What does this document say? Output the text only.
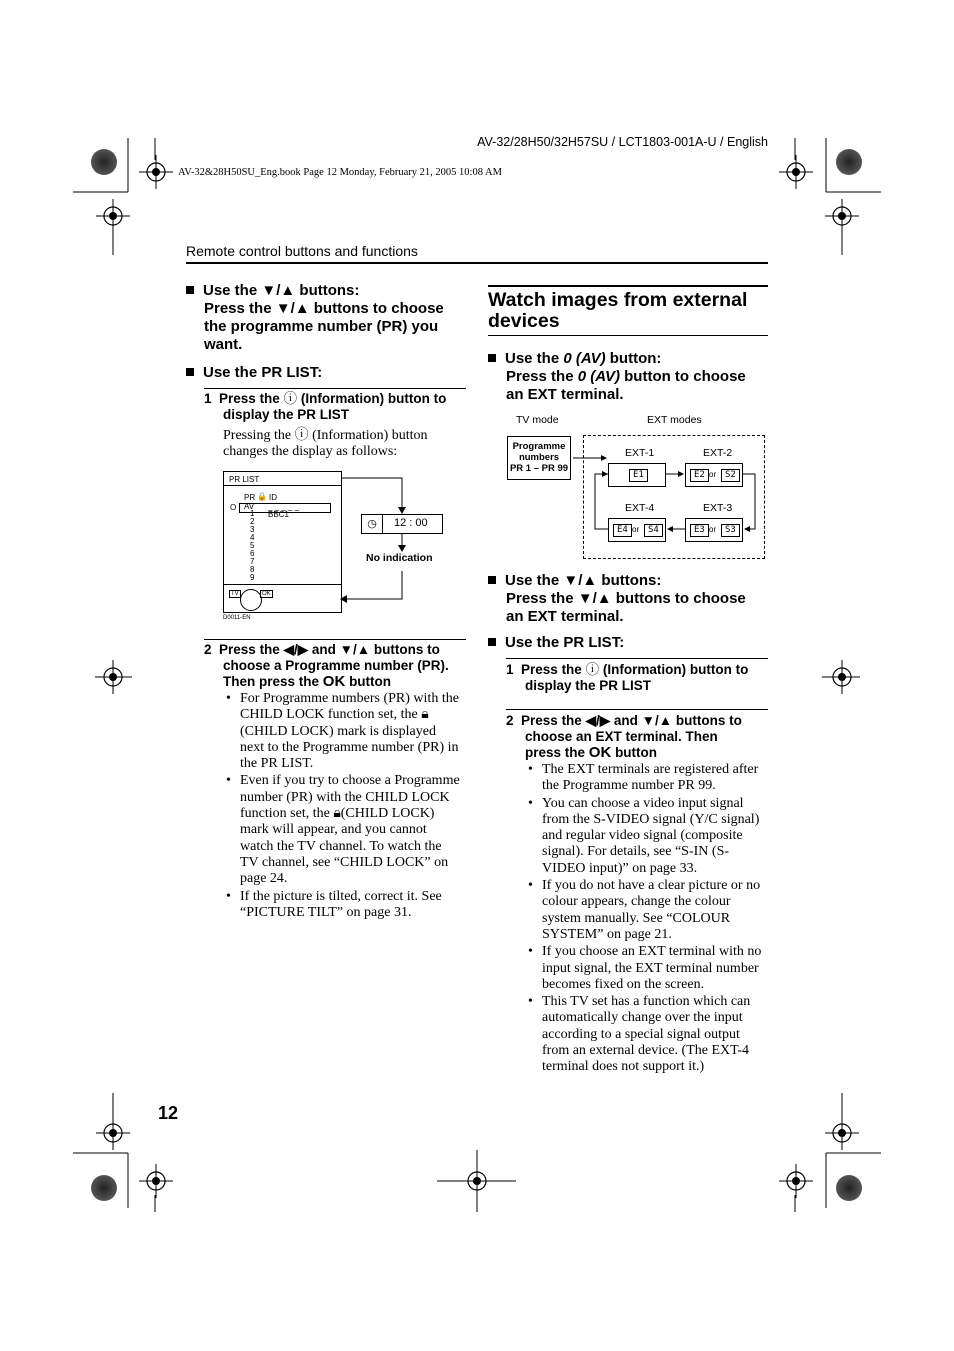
AV-32/28H50/32H57SU / LCT1803-001A-U / English
AV-32&28H50SU_Eng.book Page 12 Monday, February 21, 2005 10:08 AM
Remote control buttons and functions
12
Use the ▼/▲ buttons:
Press the ▼/▲ buttons to choose
the programme number (PR) you
want.
Use the PR LIST:
1 Press the ⓘ (Information) button to
display the PR LIST
Pressing the ⓘ (Information) button
changes the display as follows:
PR LIST
PR 🔒 ID
O AV _ _ _ _ _
BBC1
1
2
3
4
5
6
7
8
9
TV	OK
D0011-EN
◷	12 : 00
No indication
2 Press the ◀/▶ and ▼/▲ buttons to
choose a Programme number (PR).
Then press the OK button
• For Programme numbers (PR) with the
CHILD LOCK function set, the 🔒︎
(CHILD LOCK) mark is displayed
next to the Programme number (PR) in
the PR LIST.
• Even if you try to choose a Programme
number (PR) with the CHILD LOCK
function set, the 🔒︎(CHILD LOCK)
mark will appear, and you cannot
watch the TV channel. To watch the
TV channel, see “CHILD LOCK” on
page 24.
• If the picture is tilted, correct it. See
“PICTURE TILT” on page 31.
Watch images from external
devices
Use the 0 (AV) button:
Press the 0 (AV) button to choose
an EXT terminal.
TV mode	EXT modes
Programme
numbers
PR 1 – PR 99
EXT-1	EXT-2
EXT-4	EXT-3
E1	E2 or S2
E4 or S4	E3 or S3
Use the ▼/▲ buttons:
Press the ▼/▲ buttons to choose
an EXT terminal.
Use the PR LIST:
1 Press the ⓘ (Information) button to
display the PR LIST
2 Press the ◀/▶ and ▼/▲ buttons to
choose an EXT terminal. Then
press the OK button
• The EXT terminals are registered after
the Programme number PR 99.
• You can choose a video input signal
from the S-VIDEO signal (Y/C signal)
and regular video signal (composite
signal). For details, see “S-IN (S-
VIDEO input)” on page 33.
• If you do not have a clear picture or no
colour appears, change the colour
system manually. See “COLOUR
SYSTEM” on page 21.
• If you choose an EXT terminal with no
input signal, the EXT terminal number
becomes fixed on the screen.
• This TV set has a function which can
automatically change over the input
according to a special signal output
from an external device. (The EXT-4
terminal does not support it.)
